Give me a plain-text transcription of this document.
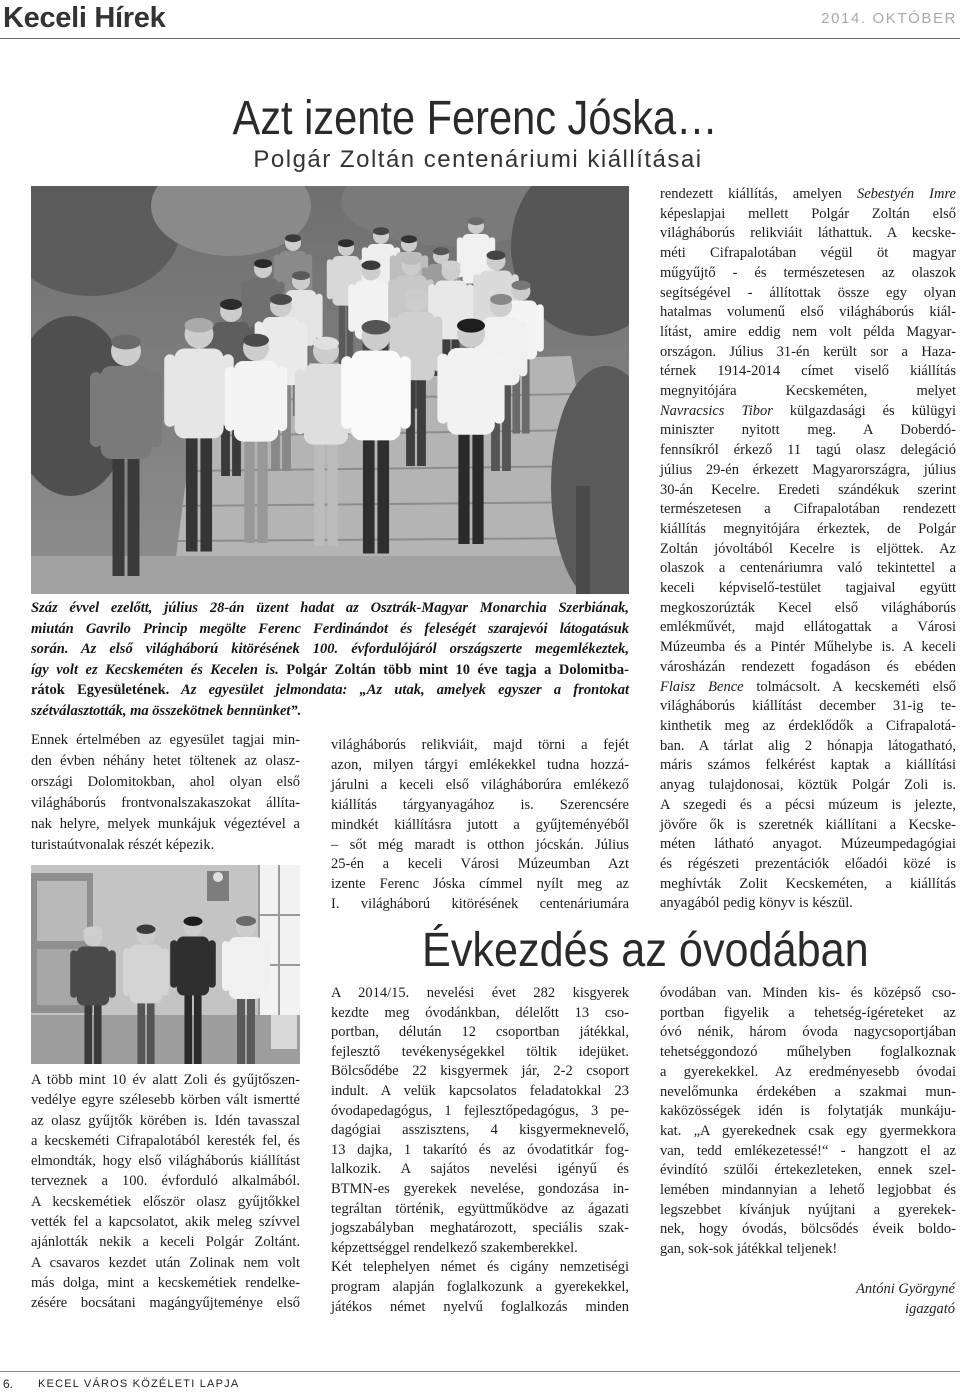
Keceli Hírek	2014. OKTÓBER
Azt izente Ferenc Jóska…
Polgár Zoltán centenáriumi kiállításai
Száz évvel ezelőtt, július 28-án üzent hadat az Osztrák-Magyar Monarchia Szerbiának,
miután Gavrilo Princip megölte Ferenc Ferdinándot és feleségét szarajevói látogatásuk
során. Az első világháború kitörésének 100. évfordulójáról országszerte megemlékeztek,
így volt ez Kecskeméten és Kecelen is. Polgár Zoltán több mint 10 éve tagja a Dolomitba-
rátok Egyesületének. Az egyesület jelmondata: „Az utak, amelyek egyszer a frontokat
szétválasztották, ma összekötnek bennünket”.
Ennek értelmében az egyesület tagjai min-
den évben néhány hetet töltenek az olasz-
országi Dolomitokban, ahol olyan első
világháborús frontvonalszakaszokat állíta-
nak helyre, melyek munkájuk végeztével a
turistaútvonalak részét képezik.
A több mint 10 év alatt Zoli és gyűjtőszen-
vedélye egyre szélesebb körben vált ismertté
az olasz gyűjtők körében is. Idén tavasszal
a kecskeméti Cifrapalotából keresték fel, és
elmondták, hogy első világháborús kiállítást
terveznek a 100. évforduló alkalmából.
A kecskemétiek először olasz gyűjtőkkel
vették fel a kapcsolatot, akik meleg szívvel
ajánlották nekik a keceli Polgár Zoltánt.
A csavaros kezdet után Zolinak nem volt
más dolga, mint a kecskemétiek rendelke-
zésére bocsátani magángyűjteménye első
világháborús relikviáit, majd törni a fejét
azon, milyen tárgyi emlékekkel tudna hozzá-
járulni a keceli első világháborúra emlékező
kiállítás tárgyanyagához is. Szerencsére
mindkét kiállításra jutott a gyűjteményéből
– sőt még maradt is otthon jócskán. Július
25-én a keceli Városi Múzeumban Azt
izente Ferenc Jóska címmel nyílt meg az
I. világháború kitörésének centenáriumára
rendezett kiállítás, amelyen Sebestyén Imre
képeslapjai mellett Polgár Zoltán első
világháborús relikviáit láthattuk. A kecske-
méti Cifrapalotában végül öt magyar
műgyűjtő - és természetesen az olaszok
segítségével - állítottak össze egy olyan
hatalmas volumenű első világháborús kiál-
lítást, amire eddig nem volt példa Magyar-
országon. Július 31-én került sor a Haza-
térnek 1914-2014 címet viselő kiállítás
megnyitójára Kecskeméten, melyet
Navracsics Tibor külgazdasági és külügyi
miniszter nyitott meg. A Doberdó-
fennsíkról érkező 11 tagú olasz delegáció
július 29-én érkezett Magyarországra, július
30-án Kecelre. Eredeti szándékuk szerint
természetesen a Cifrapalotában rendezett
kiállítás megnyitójára érkeztek, de Polgár
Zoltán jóvoltából Kecelre is eljöttek. Az
olaszok a centenáriumra való tekintettel a
keceli képviselő-testület tagjaival együtt
megkoszorúzták Kecel első világháborús
emlékművét, majd ellátogattak a Városi
Múzeumba és a Pintér Műhelybe is. A keceli
városházán rendezett fogadáson és ebéden
Flaisz Bence tolmácsolt. A kecskeméti első
világháborús kiállítást december 31-ig te-
kinthetik meg az érdeklődők a Cifrapalotá-
ban. A tárlat alig 2 hónapja látogatható,
máris számos felkérést kaptak a kiállítási
anyag tulajdonosai, köztük Polgár Zoli is.
A szegedi és a pécsi múzeum is jelezte,
jövőre ők is szeretnék kiállítani a Kecske-
méten látható anyagot. Múzeumpedagógiai
és régészeti prezentációk előadói közé is
meghívták Zolit Kecskeméten, a kiállítás
anyagából pedig könyv is készül.
Évkezdés az óvodában
A 2014/15. nevelési évet 282 kisgyerek
kezdte meg óvodánkban, délelőtt 13 cso-
portban, délután 12 csoportban játékkal,
fejlesztő tevékenységekkel töltik idejüket.
Bölcsődébe 22 kisgyermek jár, 2-2 csoport
indult. A velük kapcsolatos feladatokkal 23
óvodapedagógus, 1 fejlesztőpedagógus, 3 pe-
dagógiai asszisztens, 4 kisgyermeknevelő,
13 dajka, 1 takarító és az óvodatitkár fog-
lalkozik. A sajátos nevelési igényű és
BTMN-es gyerekek nevelése, gondozása in-
tegráltan történik, együttműködve az ágazati
jogszabályban meghatározott, speciális szak-
képzettséggel rendelkező szakemberekkel.
Két telephelyen német és cigány nemzetiségi
program alapján foglalkozunk a gyerekekkel,
játékos német nyelvű foglalkozás minden
óvodában van. Minden kis- és középső cso-
portban figyelik a tehetség-ígéreteket az
óvó nénik, három óvoda nagycsoportjában
tehetséggondozó műhelyben foglalkoznak
a gyerekekkel. Az eredményesebb óvodai
nevelőmunka érdekében a szakmai mun-
kaközösségek idén is folytatják munkáju-
kat. „A gyerekednek csak egy gyermekkora
van, tedd emlékezetessé!“ - hangzott el az
évindító szülői értekezleteken, ennek szel-
lemében mindannyian a lehető legjobbat és
legszebbet kívánjuk nyújtani a gyerekek-
nek, hogy óvodás, bölcsődés éveik boldo-
gan, sok-sok játékkal teljenek!
Antóni Györgyné
igazgató
6. KECEL VÁROS KÖZÉLETI LAPJA
